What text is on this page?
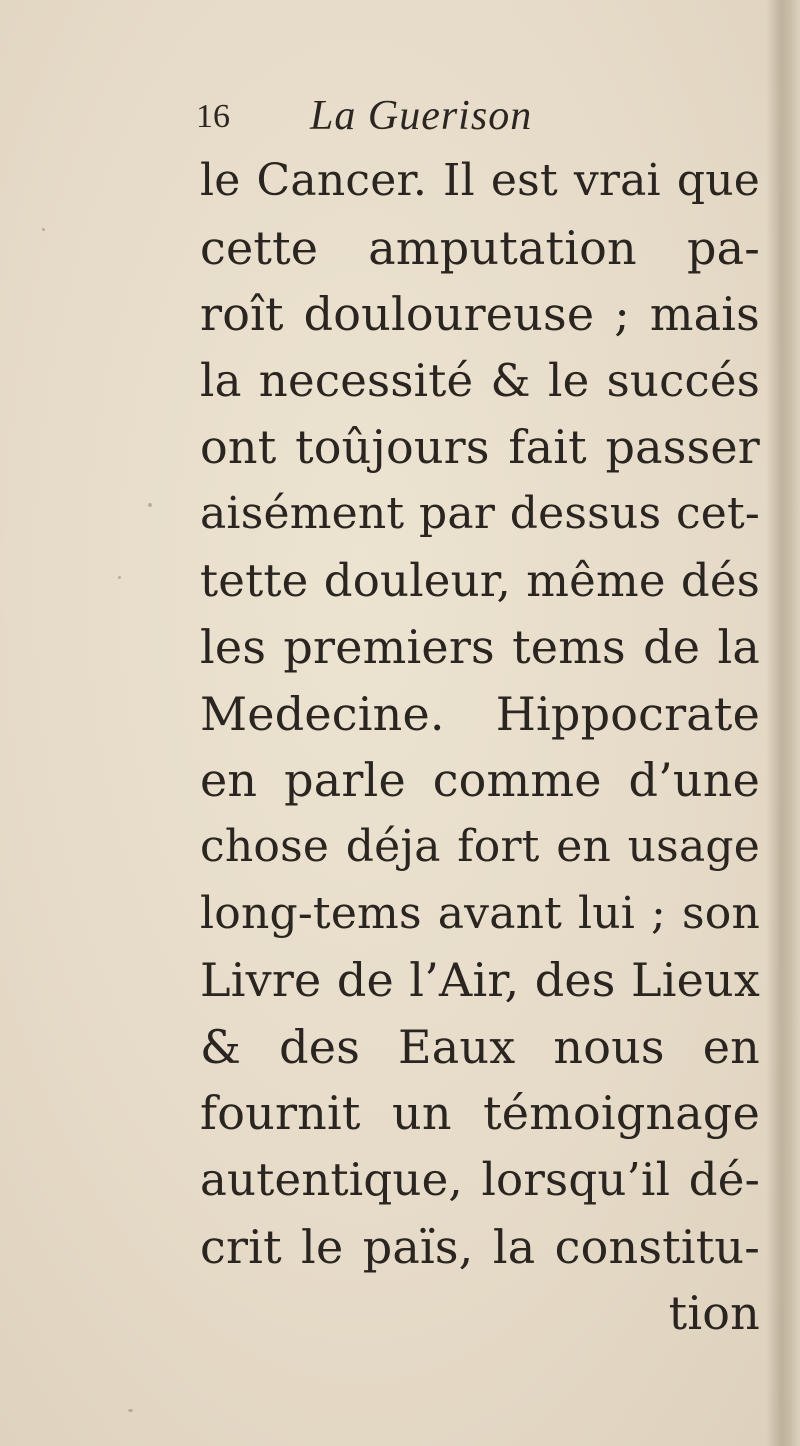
16 La Guerison
le Cancer. Il est vrai que
cette amputation pa-
roît douloureuse ; mais
la necessité & le succés
ont toûjours fait passer
aisément par dessus cet-
tette douleur, même dés
les premiers tems de la
Medecine. Hippocrate
en parle comme d’une
chose déja fort en usage
long-tems avant lui ; son
Livre de l’Air, des Lieux
& des Eaux nous en
fournit un témoignage
autentique, lorsqu’il dé-
crit le païs, la constitu-
tion
